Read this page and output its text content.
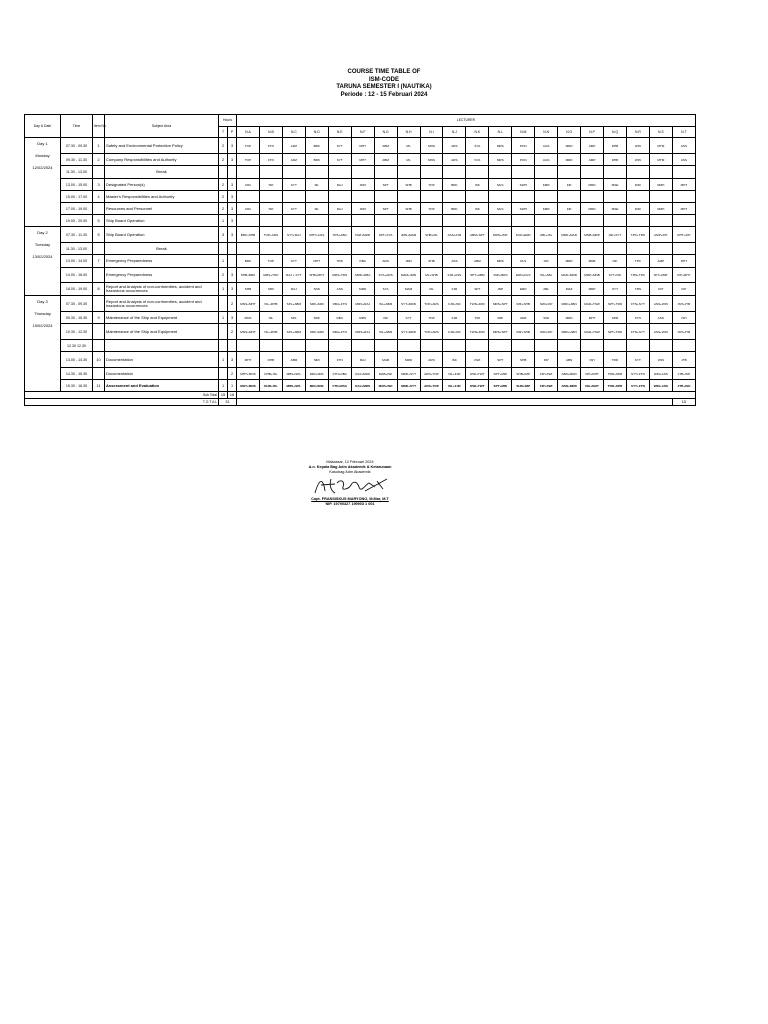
COURSE TIME TABLE OF
ISM-CODE
TARUNA SEMESTER I (NAUTIKA)
Periode : 12 - 15 Februari 2024
Day & Date	Time	Item No	Subject Area	Hours		LECTURER																			
				T	P	N.A	N.B	N.C	N.D	N.E	N.F	N.G	N.H	N.I	N.J	N.K	N.L	N.M	N.N	N.O	N.P	N.Q	N.R	N.S	N.T

Day 1
Monday
12/02/2024	07.30 - 09.30	1	Safety and Environmental Protection Policy	2	3	TOP	FTN	ARZ	BRK	SYT	MHT	ABM	ML	MNS	ARS	SYA	MRS	PON	AGS	MRD	AMP	DHB	WIN	MTM	ASS
	09.30 - 11.30	2	Company Responsibilities and Authority	2	3	TOP	FTN	ARZ	BRK	SYT	MHT	ABM	ML	MNS	ARS	SYA	MRS	PON	AGS	MRD	AMP	DHB	WIN	MTM	ASS
	11.30 - 13.00		Break																						
	13.00 - 15.00	3	Designated Person(s)	2	3	MSI	TRI	SYT	ML	RAJ	JMN	SPT	SHB	TOP	BRK	ISK	MLS	SWH	KMR	FIP	MRD	MSE	DWI	RMH	MHT
	15.00 - 17.00	4	Master's Responsibilities and Authority	2	3																				
	17.00 - 19.00		Resources and Personnel	2	3	MSI	TRI	SYT	ML	RAJ	JMN	SPT	SHB	TOP	BRK	ISK	MLS	SWH	KMR	FIP	MRD	MSE	DWI	RMH	MHT
	19.00 - 20.00	5	Ship Board Operation	1	3																				

Day 2
Tuesday
13/02/2024	07.30 - 11.30	5	Ship Board Operation	3	3	BRK+SHB	TOP+ARS	SYT+RAJ	MHT+AGS	TRS+ABU	DWI+MRD	SPT+SYA	JMN+MAM	SHB+ML	ASS+FJR	ABM+SPT	MRS+JNP	SUD+ERD	ABL+ISL	MRD+MAD	MNB+MRP	ISK+SYT	TPC+TRS	AMP+RIT	RHT+FIP
	11.30 - 13.00		Break																						
	13.00 - 14.00	7	Emergency Preparedness	1		BRK	TOP	SYT	MHT	TRS	DBA	ARS	JMN	SHB	ASS	ABM	MRS	DLS	ISK	MRD	MNB	ISK	TPC	AMP	RHT
	14.00 - 16.00		Emergency Preparedness	2	3	SHB+BRK	MRS+TOP	RAJ + SYT	SHB+MHT	MRS+TRS	MRD+DBA	SYA+ARS	MAM+JMN	ML+SHB	FJR+ASS	SPT+ABM	JNP+MRS	ERD+DLS	ISL+ABL	MAD+MRD	MRP+MNB	SYT+ISK	TRS+TPC	RIT+AMP	FIP+RHT
	18.00 - 19.00	8	Report and Analysis of non-conformities, accident and hazardous occurrences	1	3	SHB	MRI	RAJ	SNS	ASS	MRD	SYA	MAM	ML	FJR	SPT	JNP	ERD	ABL	MAZ	MRP	SYT	TRS	RIT	FIP

Day 3
Thursday
15/02/2024	07.30 - 09.30		Report and Analysis of non-conformities, accident and hazardous occurrences		2	MNS+MHT	ISL+DHB	SPL+ABM	SRK+MRI	DBA+FTN	MRS+RAJ	ISL+ABM	SYT+MRD	TOP+ARS	FJR+ISK	TWN+DWI	MRS+SPT	IMF+SHB	SWI+FIP	MRD+ABN	MAD+TSW	SPT+TRD	FTN+SYT	ASS+WIN	ISH+JTB
	09.30 - 15.30	9	Maintenance of the Ship and Equipment	1	3	MNS	ISL	SPL	SRK	DBA	MRS	ISK	SYT	TOP	FJR	TWI	MRI	AMF	SWI	MRD	MHT	SPR	FTN	ASS	ISH
	10.30 - 12.30		Maintenance of the Ship and Equipment		2	MNS+MHT	ISL+DHB	SPL+ABM	SRK+MRI	DBA+FTN	MRS+RAJ	ISL+ABM	SYT+MRD	TOP+ARS	FJR+ISK	TWN+DWI	MRS+SPT	IMF+SHB	SWI+FIP	MRD+ABN	MAD+TSW	SPT+TRD	FTN+SYT	ASS+WIN	ISH+JTB
	12.30 12.30																								
	13.00 - 14.30	10	Documentation	1	3	MHT	DHB	ABM	MRI	FTN	RAJ	MAB	MRD	ARS	ISK	DWI	SPT	SHB	FIP	ABN	ISH	TRD	SYT	WIN	JTB
	14.30 - 15.30		Documentation		2	MHT+MNS	DHB+ISL	MBS+SPL	MRI+SRK	FTN+DBA	RAJ+MRS	MAB+ISK	MRD+SYT	ARS+TOP	ISL+FJR	DWI+TWT	SPT+MRI	SHB+IMP	FIP+SWI	ABN+MRD	ISH+MHT	TRD+SPR	SYT+FTN	WIN+ASS	JTB+ISH
	15.30 - 16.30	11	Assessment and Evaluation	1	1	MHT+MNS	DHB+ISL	MBS+SPL	MRI+SRK	FTN+DBA	RAJ+MRS	MAB+ISK	MRD+SYT	ARS+TOP	ISL+FJR	DWI+TWT	SPT+MRI	SHB+IMP	FIP+SWI	ABN+MRD	ISH+MHT	TRD+SPR	SYT+FTN	WIN+ASS	JTB+ISH
Sub Total				15	16																				
T O T A L				31																					15
Makassar, 12 Februari 2024
A.n. Kepala Bag Adm Akademik & Ketarunaan
Kasubag Adm Akademik
Capt. FRANSISKUS MARYONO, M.Mar, M.T
NIP. 19790327 199903 1 001
